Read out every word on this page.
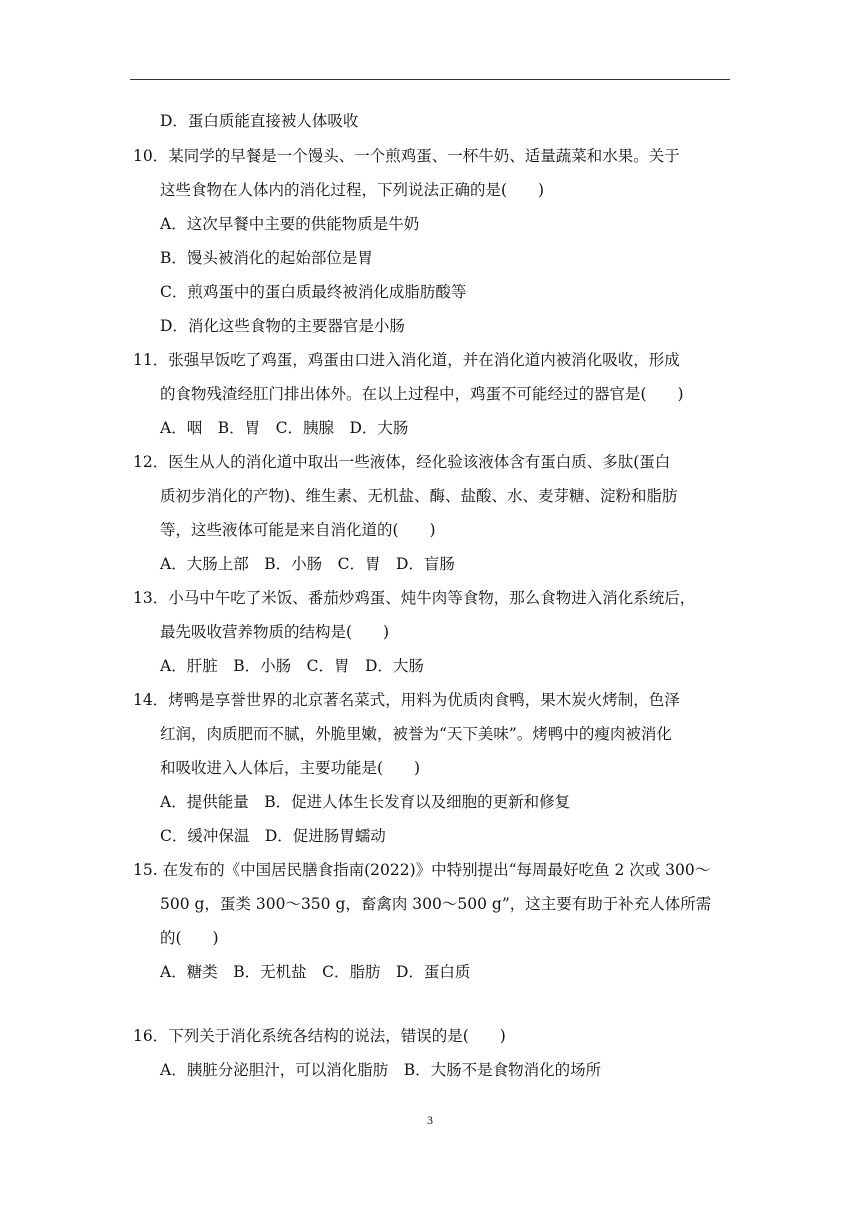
D．蛋白质能直接被人体吸收
10．某同学的早餐是一个馒头、一个煎鸡蛋、一杯牛奶、适量蔬菜和水果。关于
这些食物在人体内的消化过程，下列说法正确的是(　　)
A．这次早餐中主要的供能物质是牛奶
B．馒头被消化的起始部位是胃
C．煎鸡蛋中的蛋白质最终被消化成脂肪酸等
D．消化这些食物的主要器官是小肠
11．张强早饭吃了鸡蛋，鸡蛋由口进入消化道，并在消化道内被消化吸收，形成
的食物残渣经肛门排出体外。在以上过程中，鸡蛋不可能经过的器官是(　　)
A．咽　B．胃　C．胰腺　D．大肠
12．医生从人的消化道中取出一些液体，经化验该液体含有蛋白质、多肽(蛋白
质初步消化的产物)、维生素、无机盐、酶、盐酸、水、麦芽糖、淀粉和脂肪
等，这些液体可能是来自消化道的(　　)
A．大肠上部　B．小肠　C．胃　D．盲肠
13．小马中午吃了米饭、番茄炒鸡蛋、炖牛肉等食物，那么食物进入消化系统后，
最先吸收营养物质的结构是(　　)
A．肝脏　B．小肠　C．胃　D．大肠
14．烤鸭是享誉世界的北京著名菜式，用料为优质肉食鸭，果木炭火烤制，色泽
红润，肉质肥而不腻，外脆里嫩，被誉为“天下美味”。烤鸭中的瘦肉被消化
和吸收进入人体后，主要功能是(　　)
A．提供能量　B．促进人体生长发育以及细胞的更新和修复
C．缓冲保温　D．促进肠胃蠕动
15. 在发布的《中国居民膳食指南(2022)》中特别提出“每周最好吃鱼 2 次或 300～
500 g，蛋类 300～350 g，畜禽肉 300～500 g”，这主要有助于补充人体所需
的(　　)
A．糖类　B．无机盐　C．脂肪　D．蛋白质
16．下列关于消化系统各结构的说法，错误的是(　　)
A．胰脏分泌胆汁，可以消化脂肪　B．大肠不是食物消化的场所
3
